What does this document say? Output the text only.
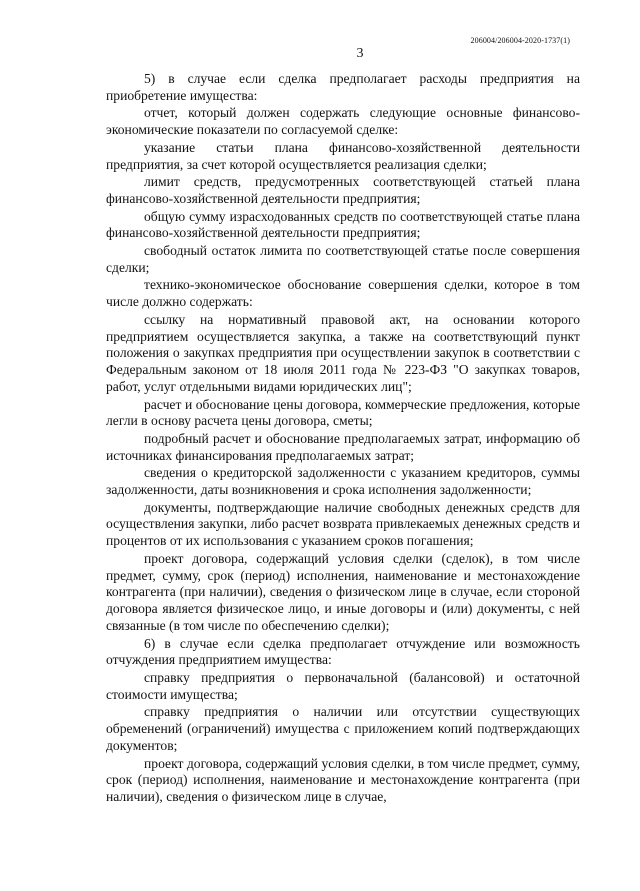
206004/206004-2020-1737(1)
3

5) в случае если сделка предполагает расходы предприятия на приобретение имущества:

отчет, который должен содержать следующие основные финансово-экономические показатели по согласуемой сделке:

указание статьи плана финансово-хозяйственной деятельности предприятия, за счет которой осуществляется реализация сделки;

лимит средств, предусмотренных соответствующей статьей плана финансово-хозяйственной деятельности предприятия;

общую сумму израсходованных средств по соответствующей статье плана финансово-хозяйственной деятельности предприятия;

свободный остаток лимита по соответствующей статье после совершения сделки;

технико-экономическое обоснование совершения сделки, которое в том числе должно содержать:

ссылку на нормативный правовой акт, на основании которого предприятием осуществляется закупка, а также на соответствующий пункт положения о закупках предприятия при осуществлении закупок в соответствии с Федеральным законом от 18 июля 2011 года № 223-ФЗ "О закупках товаров, работ, услуг отдельными видами юридических лиц";

расчет и обоснование цены договора, коммерческие предложения, которые легли в основу расчета цены договора, сметы;

подробный расчет и обоснование предполагаемых затрат, информацию об источниках финансирования предполагаемых затрат;

сведения о кредиторской задолженности с указанием кредиторов, суммы задолженности, даты возникновения и срока исполнения задолженности;

документы, подтверждающие наличие свободных денежных средств для осуществления закупки, либо расчет возврата привлекаемых денежных средств и процентов от их использования с указанием сроков погашения;

проект договора, содержащий условия сделки (сделок), в том числе предмет, сумму, срок (период) исполнения, наименование и местонахождение контрагента (при наличии), сведения о физическом лице в случае, если стороной договора является физическое лицо, и иные договоры и (или) документы, с ней связанные (в том числе по обеспечению сделки);

6) в случае если сделка предполагает отчуждение или возможность отчуждения предприятием имущества:

справку предприятия о первоначальной (балансовой) и остаточной стоимости имущества;

справку предприятия о наличии или отсутствии существующих обременений (ограничений) имущества с приложением копий подтверждающих документов;

проект договора, содержащий условия сделки, в том числе предмет, сумму, срок (период) исполнения, наименование и местонахождение контрагента (при наличии), сведения о физическом лице в случае,
